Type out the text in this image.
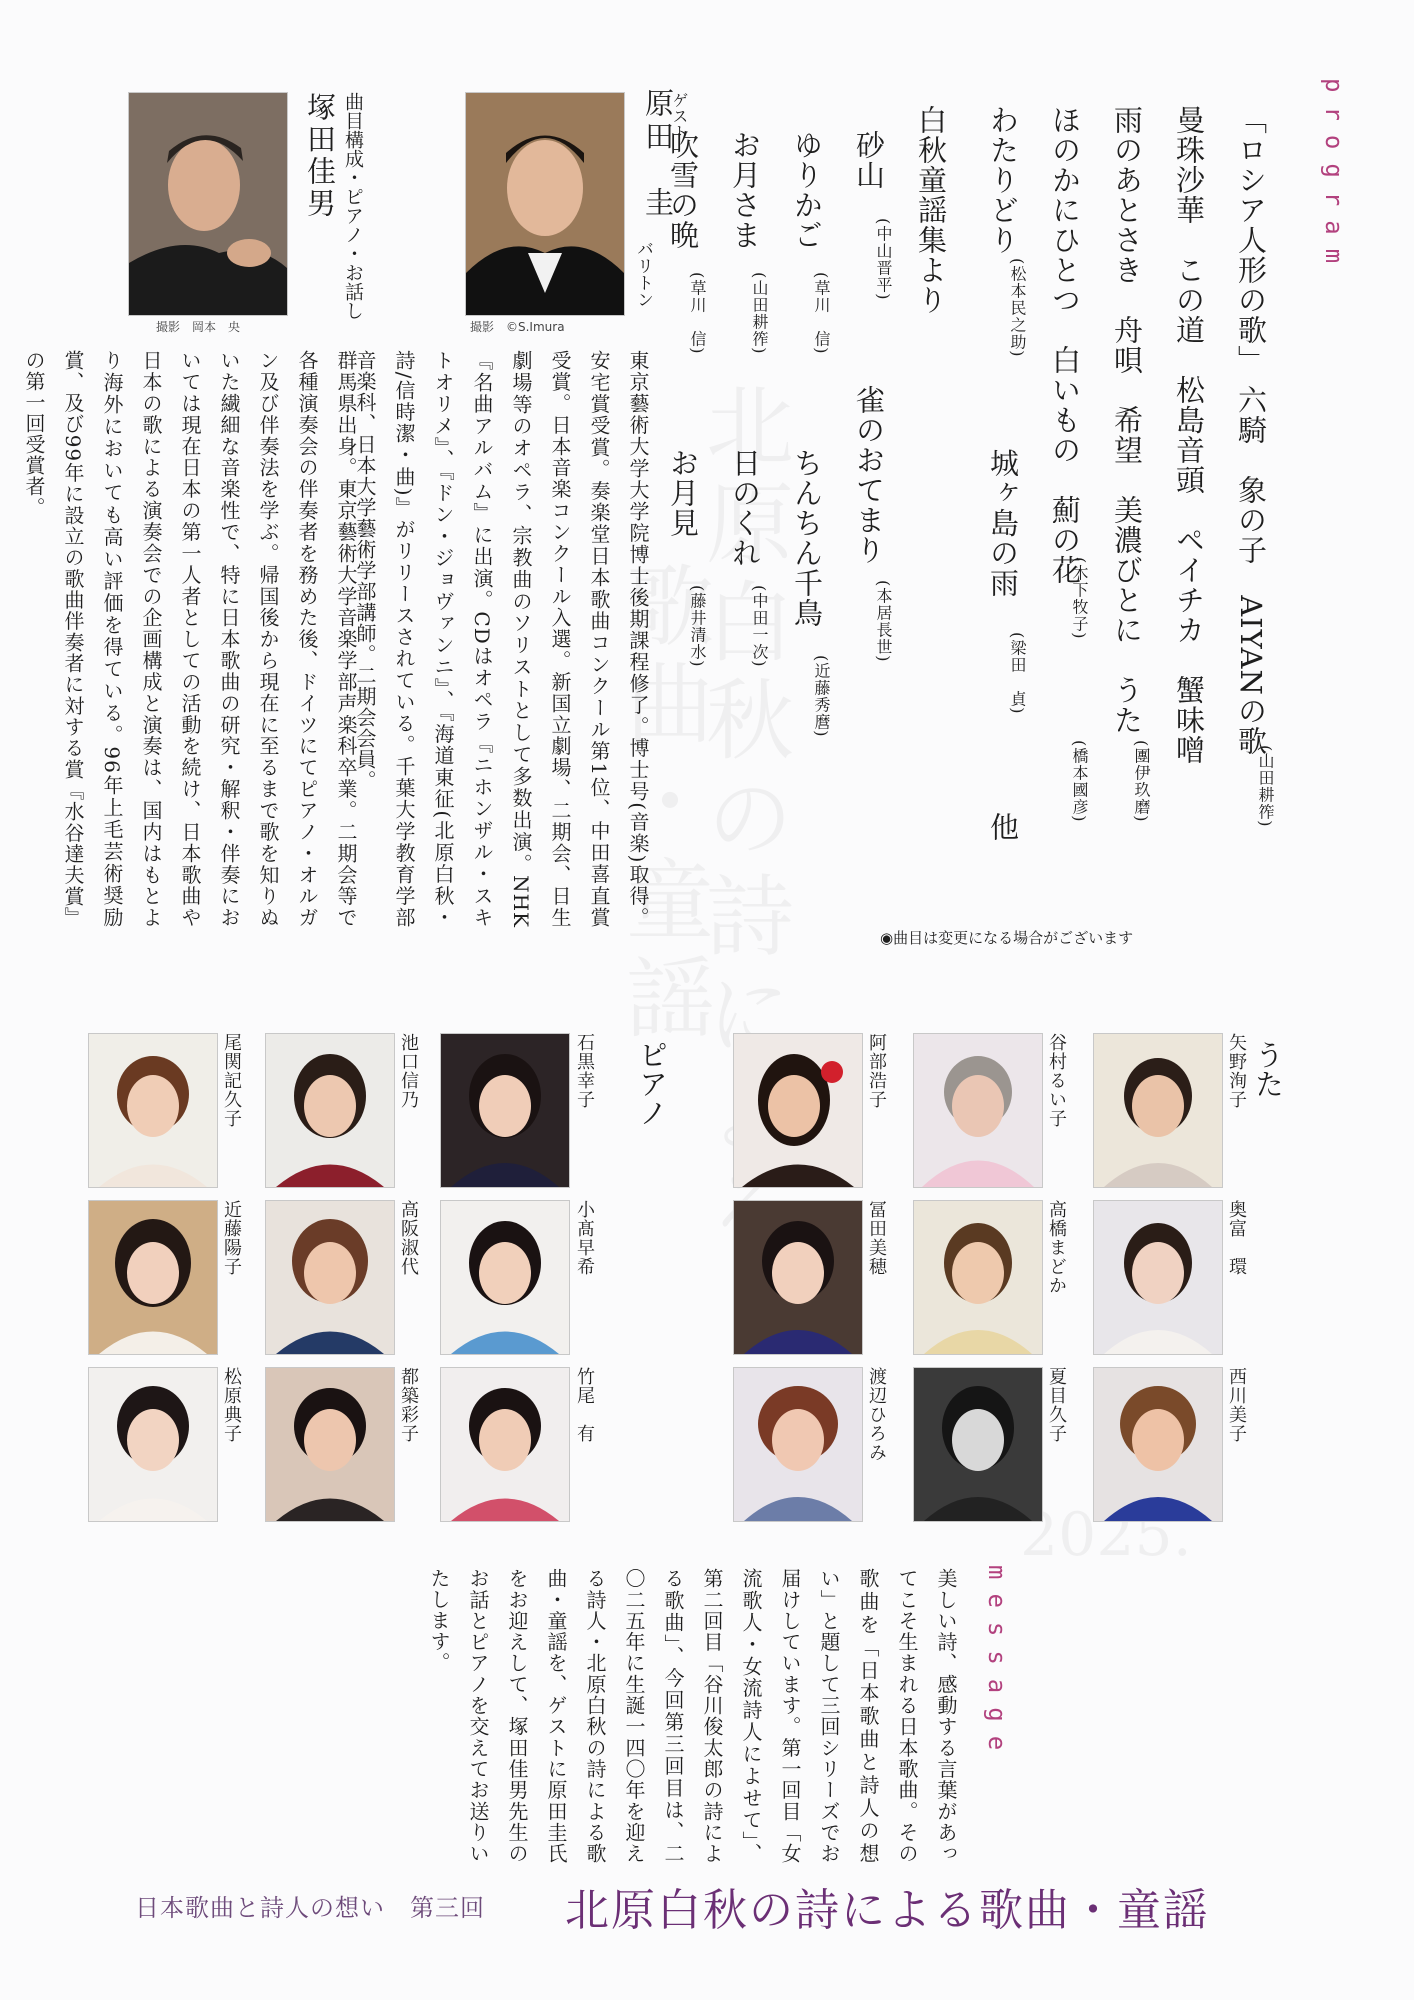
program
「ロシア人形の歌」 六騎　象の子　AIYANの歌
(山田耕筰)
曼珠沙華　この道　松島音頭　ペイチカ　蟹味噌
雨のあとさき　舟唄　希望　美濃びとに　うた
(團伊玖磨)
ほのかにひとつ　白いもの　薊の花
(木下牧子)
(橋本國彦)
わたりどり
(松本民之助)
城ヶ島の雨
(梁田　貞)
他
白秋童謡集より
砂山
(中山晋平)
雀のおてまり
(本居長世)
ゆりかご
(草川　信)
ちんちん千鳥
(近藤秀麿)
お月さま
(山田耕筰)
日のくれ
(中田一次)
吹雪の晩
(草川　信)
お月見
(藤井清水)
◉曲目は変更になる場合がございます
撮影　©S.Imura
ゲスト
原田　圭
バリトン
東京藝術大学大学院博士後期課程修了。博士号(音楽)取得。安宅賞受賞。奏楽堂日本歌曲コンクール第1位、中田喜直賞受賞。日本音楽コンクール入選。新国立劇場、二期会、日生劇場等のオペラ、宗教曲のソリストとして多数出演。NHK『名曲アルバム』に出演。CDはオペラ『ニホンザル・スキトオリメ』、『ドン・ジョヴァンニ』、『海道東征(北原白秋・詩/信時潔・曲)』がリリースされている。千葉大学教育学部音楽科、日本大学藝術学部講師。二期会会員。
撮影　岡本　央
曲目構成・ピアノ・お話し
塚田佳男
群馬県出身。東京藝術大学音楽学部声楽科卒業。二期会等で各種演奏会の伴奏者を務めた後、ドイツにてピアノ・オルガン及び伴奏法を学ぶ。帰国後から現在に至るまで歌を知りぬいた繊細な音楽性で、特に日本歌曲の研究・解釈・伴奏においては現在日本の第一人者としての活動を続け、日本歌曲や日本の歌による演奏会での企画構成と演奏は、国内はもとより海外においても高い評価を得ている。96年上毛芸術奨励賞、及び99年に設立の歌曲伴奏者に対する賞『水谷達夫賞』の第一回受賞者。
うた
矢野洵子
谷村るい子
阿部浩子
奥富　環
高橋まどか
冨田美穂
西川美子
夏目久子
渡辺ひろみ
ピアノ
石黒幸子
池口信乃
尾関記久子
小髙早希
高阪淑代
近藤陽子
竹尾　有
都築彩子
松原典子
message
美しい詩、感動する言葉があってこそ生まれる日本歌曲。その歌曲を「日本歌曲と詩人の想い」と題して三回シリーズでお届けしています。第一回目「女流歌人・女流詩人によせて」、第二回目「谷川俊太郎の詩による歌曲」、今回第三回目は、二〇二五年に生誕一四〇年を迎える詩人・北原白秋の詩による歌曲・童謡を、ゲストに原田圭氏をお迎えして、塚田佳男先生のお話とピアノを交えてお送りいたします。
日本歌曲と詩人の想い　第三回 北原白秋の詩による歌曲・童謡
